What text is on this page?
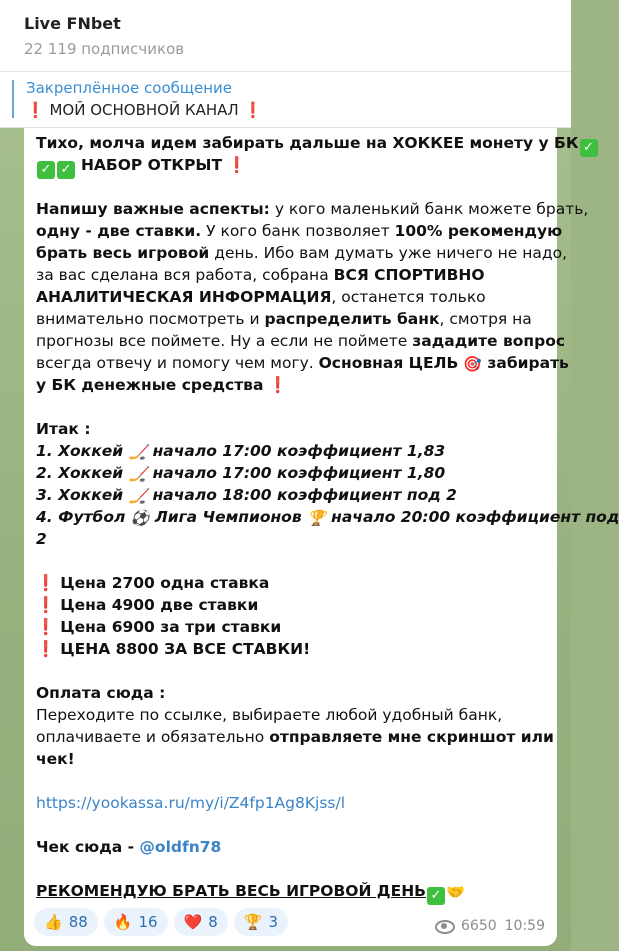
Live FNbet
22 119 подписчиков
Закреплённое сообщение
❗ МОЙ ОСНОВНОЙ КАНАЛ ❗
Тихо, молча идем забирать дальше на ХОККЕЕ монету у БК ✓
✓ ✓ НАБОР ОТКРЫТ ❗
Напишу важные аспекты: у кого маленький банк можете брать,
одну - две ставки. У кого банк позволяет 100% рекомендую
брать весь игровой день. Ибо вам думать уже ничего не надо,
за вас сделана вся работа, собрана ВСЯ СПОРТИВНО
АНАЛИТИЧЕСКАЯ ИНФОРМАЦИЯ, останется только
внимательно посмотреть и распределить банк, смотря на
прогнозы все поймете. Ну а если не поймете зададите вопрос
всегда отвечу и помогу чем могу. Основная ЦЕЛЬ 🎯 забирать
у БК денежные средства ❗
Итак :
1. Хоккей 🏒 начало 17:00 коэффициент 1,83
2. Хоккей 🏒 начало 17:00 коэффициент 1,80
3. Хоккей 🏒 начало 18:00 коэффициент под 2
4. Футбол ⚽ Лига Чемпионов 🏆 начало 20:00 коэффициент под
2
❗ Цена 2700 одна ставка
❗ Цена 4900 две ставки
❗ Цена 6900 за три ставки
❗ ЦЕНА 8800 ЗА ВСЕ СТАВКИ!
Оплата сюда :
Переходите по ссылке, выбираете любой удобный банк,
оплачиваете и обязательно отправляете мне скриншот или
чек!
https://yookassa.ru/my/i/Z4fp1Ag8Kjss/l
Чек сюда - @oldfn78
РЕКОМЕНДУЮ БРАТЬ ВЕСЬ ИГРОВОЙ ДЕНЬ ✓ 🤝
👍 88 🔥 16 ❤️ 8 🏆 3	6650 10:59
